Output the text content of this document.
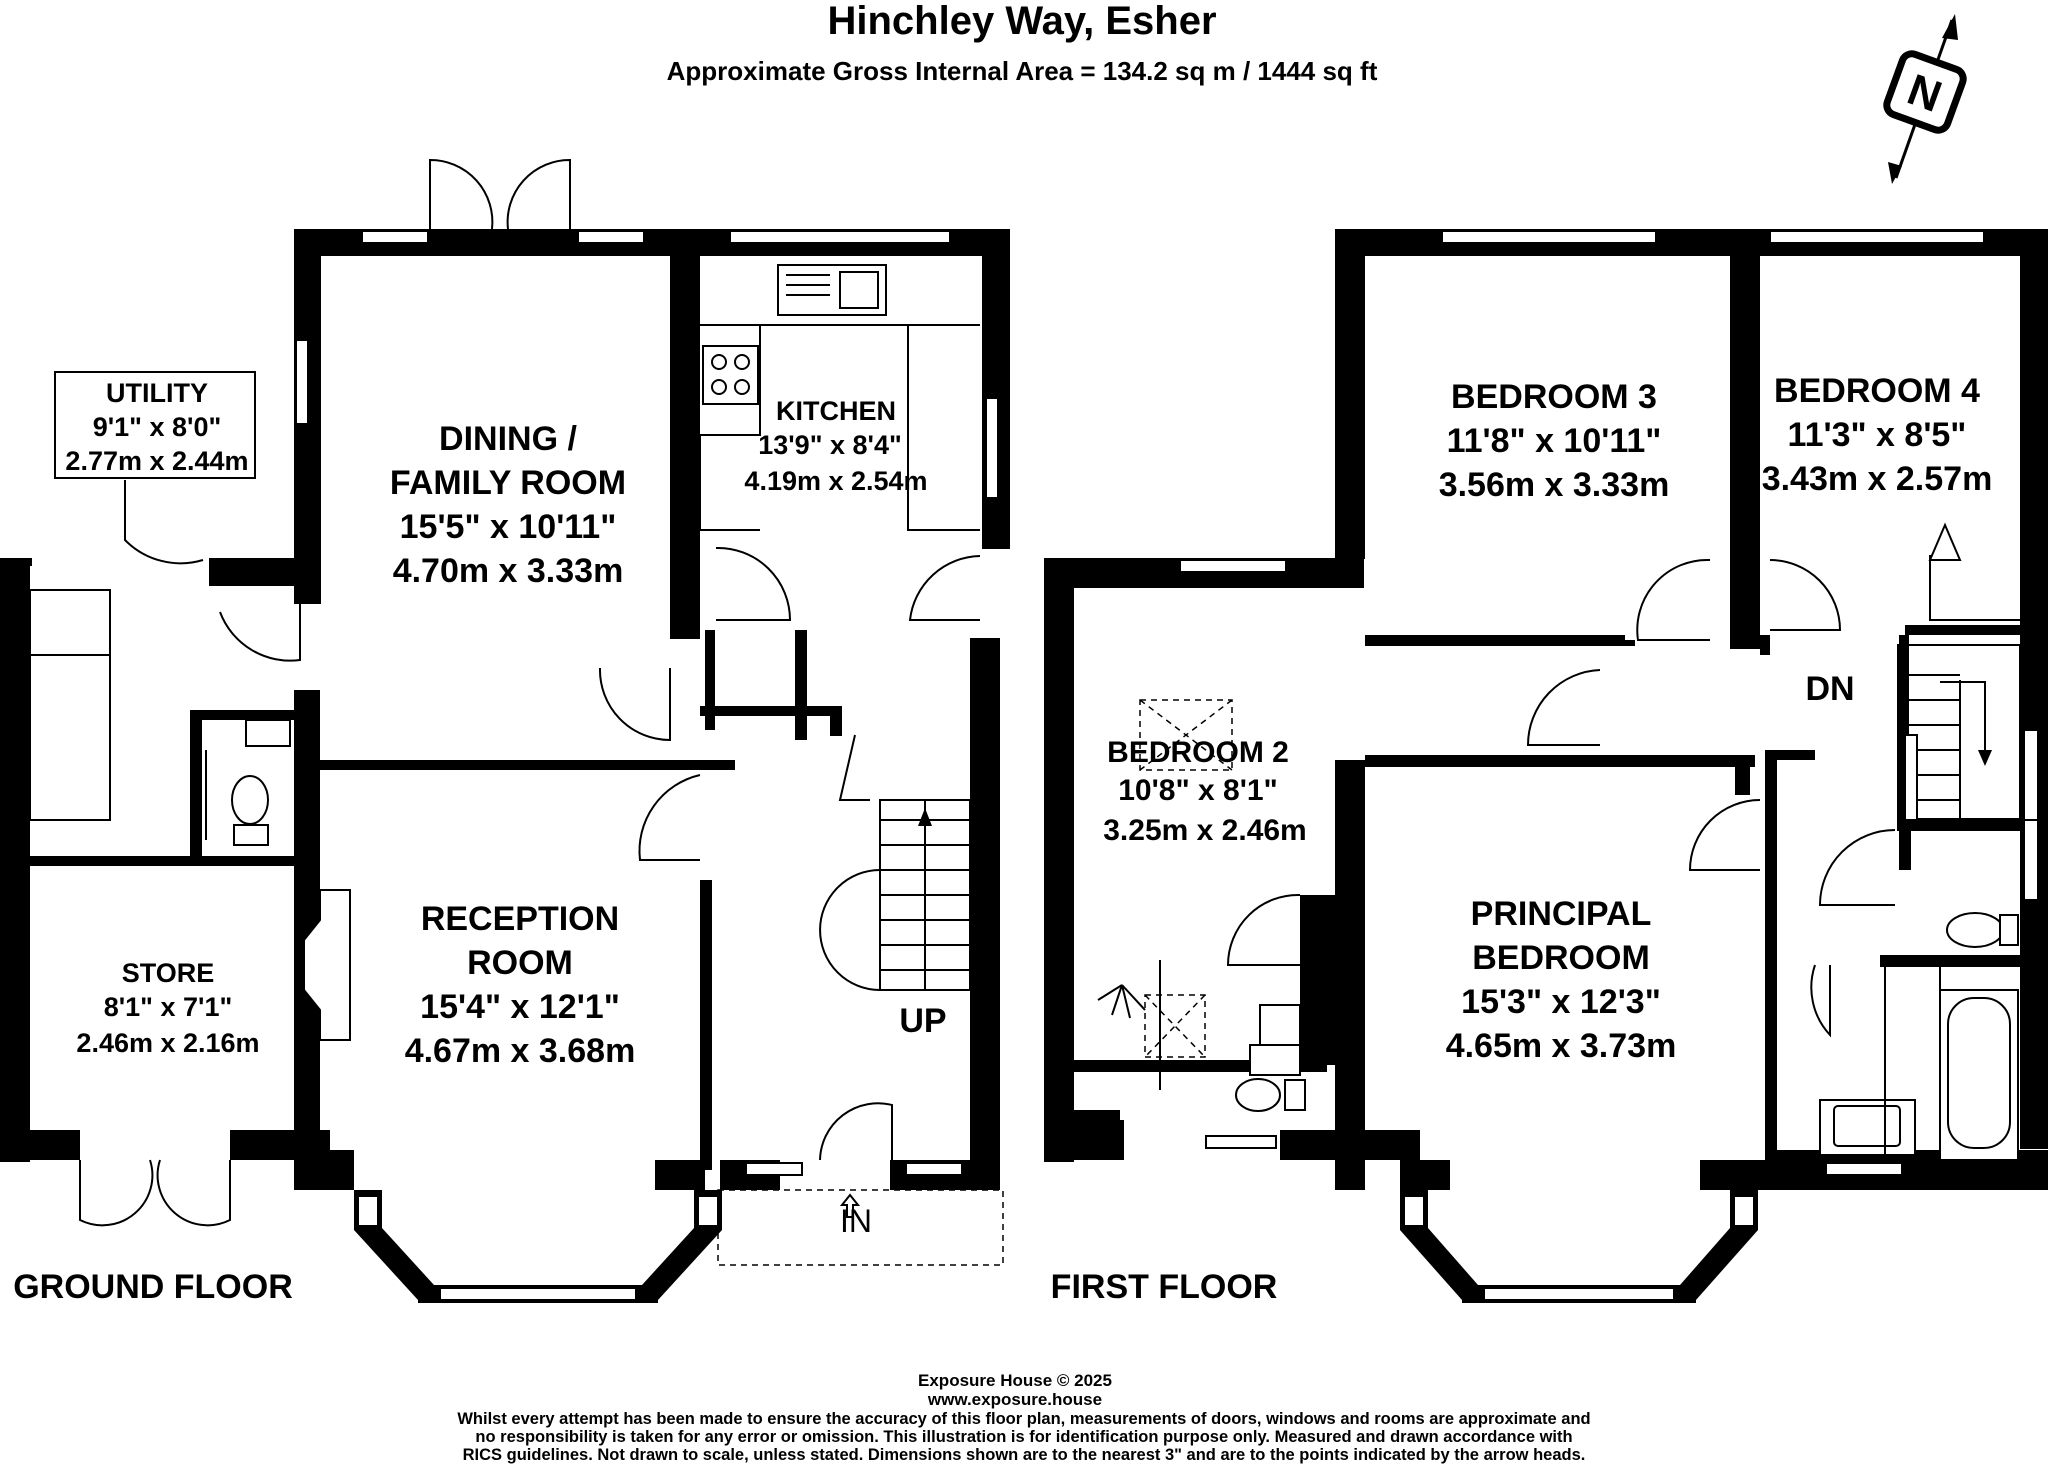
Hinchley Way, Esher
Approximate Gross Internal Area = 134.2 sq m / 1444 sq ft	N
UTILITY
9'1" x 8'0"
2.77m x 2.44m
DINING /
FAMILY ROOM
15'5" x 10'11"
4.70m x 3.33m
KITCHEN
13'9" x 8'4"
4.19m x 2.54m
RECEPTION
ROOM
15'4" x 12'1"
4.67m x 3.68m
STORE
8'1" x 7'1"
2.46m x 2.16m
UP
IN
GROUND FLOOR
BEDROOM 3
11'8" x 10'11"
3.56m x 3.33m
BEDROOM 4
11'3" x 8'5"
3.43m x 2.57m
BEDROOM 2
10'8" x 8'1"
3.25m x 2.46m
PRINCIPAL
BEDROOM
15'3" x 12'3"
4.65m x 3.73m
DN
FIRST FLOOR
Exposure House © 2025
www.exposure.house
Whilst every attempt has been made to ensure the accuracy of this floor plan, measurements of doors, windows and rooms are approximate and
no responsibility is taken for any error or omission. This illustration is for identification purpose only. Measured and drawn accordance with
RICS guidelines. Not drawn to scale, unless stated. Dimensions shown are to the nearest 3" and are to the points indicated by the arrow heads.
